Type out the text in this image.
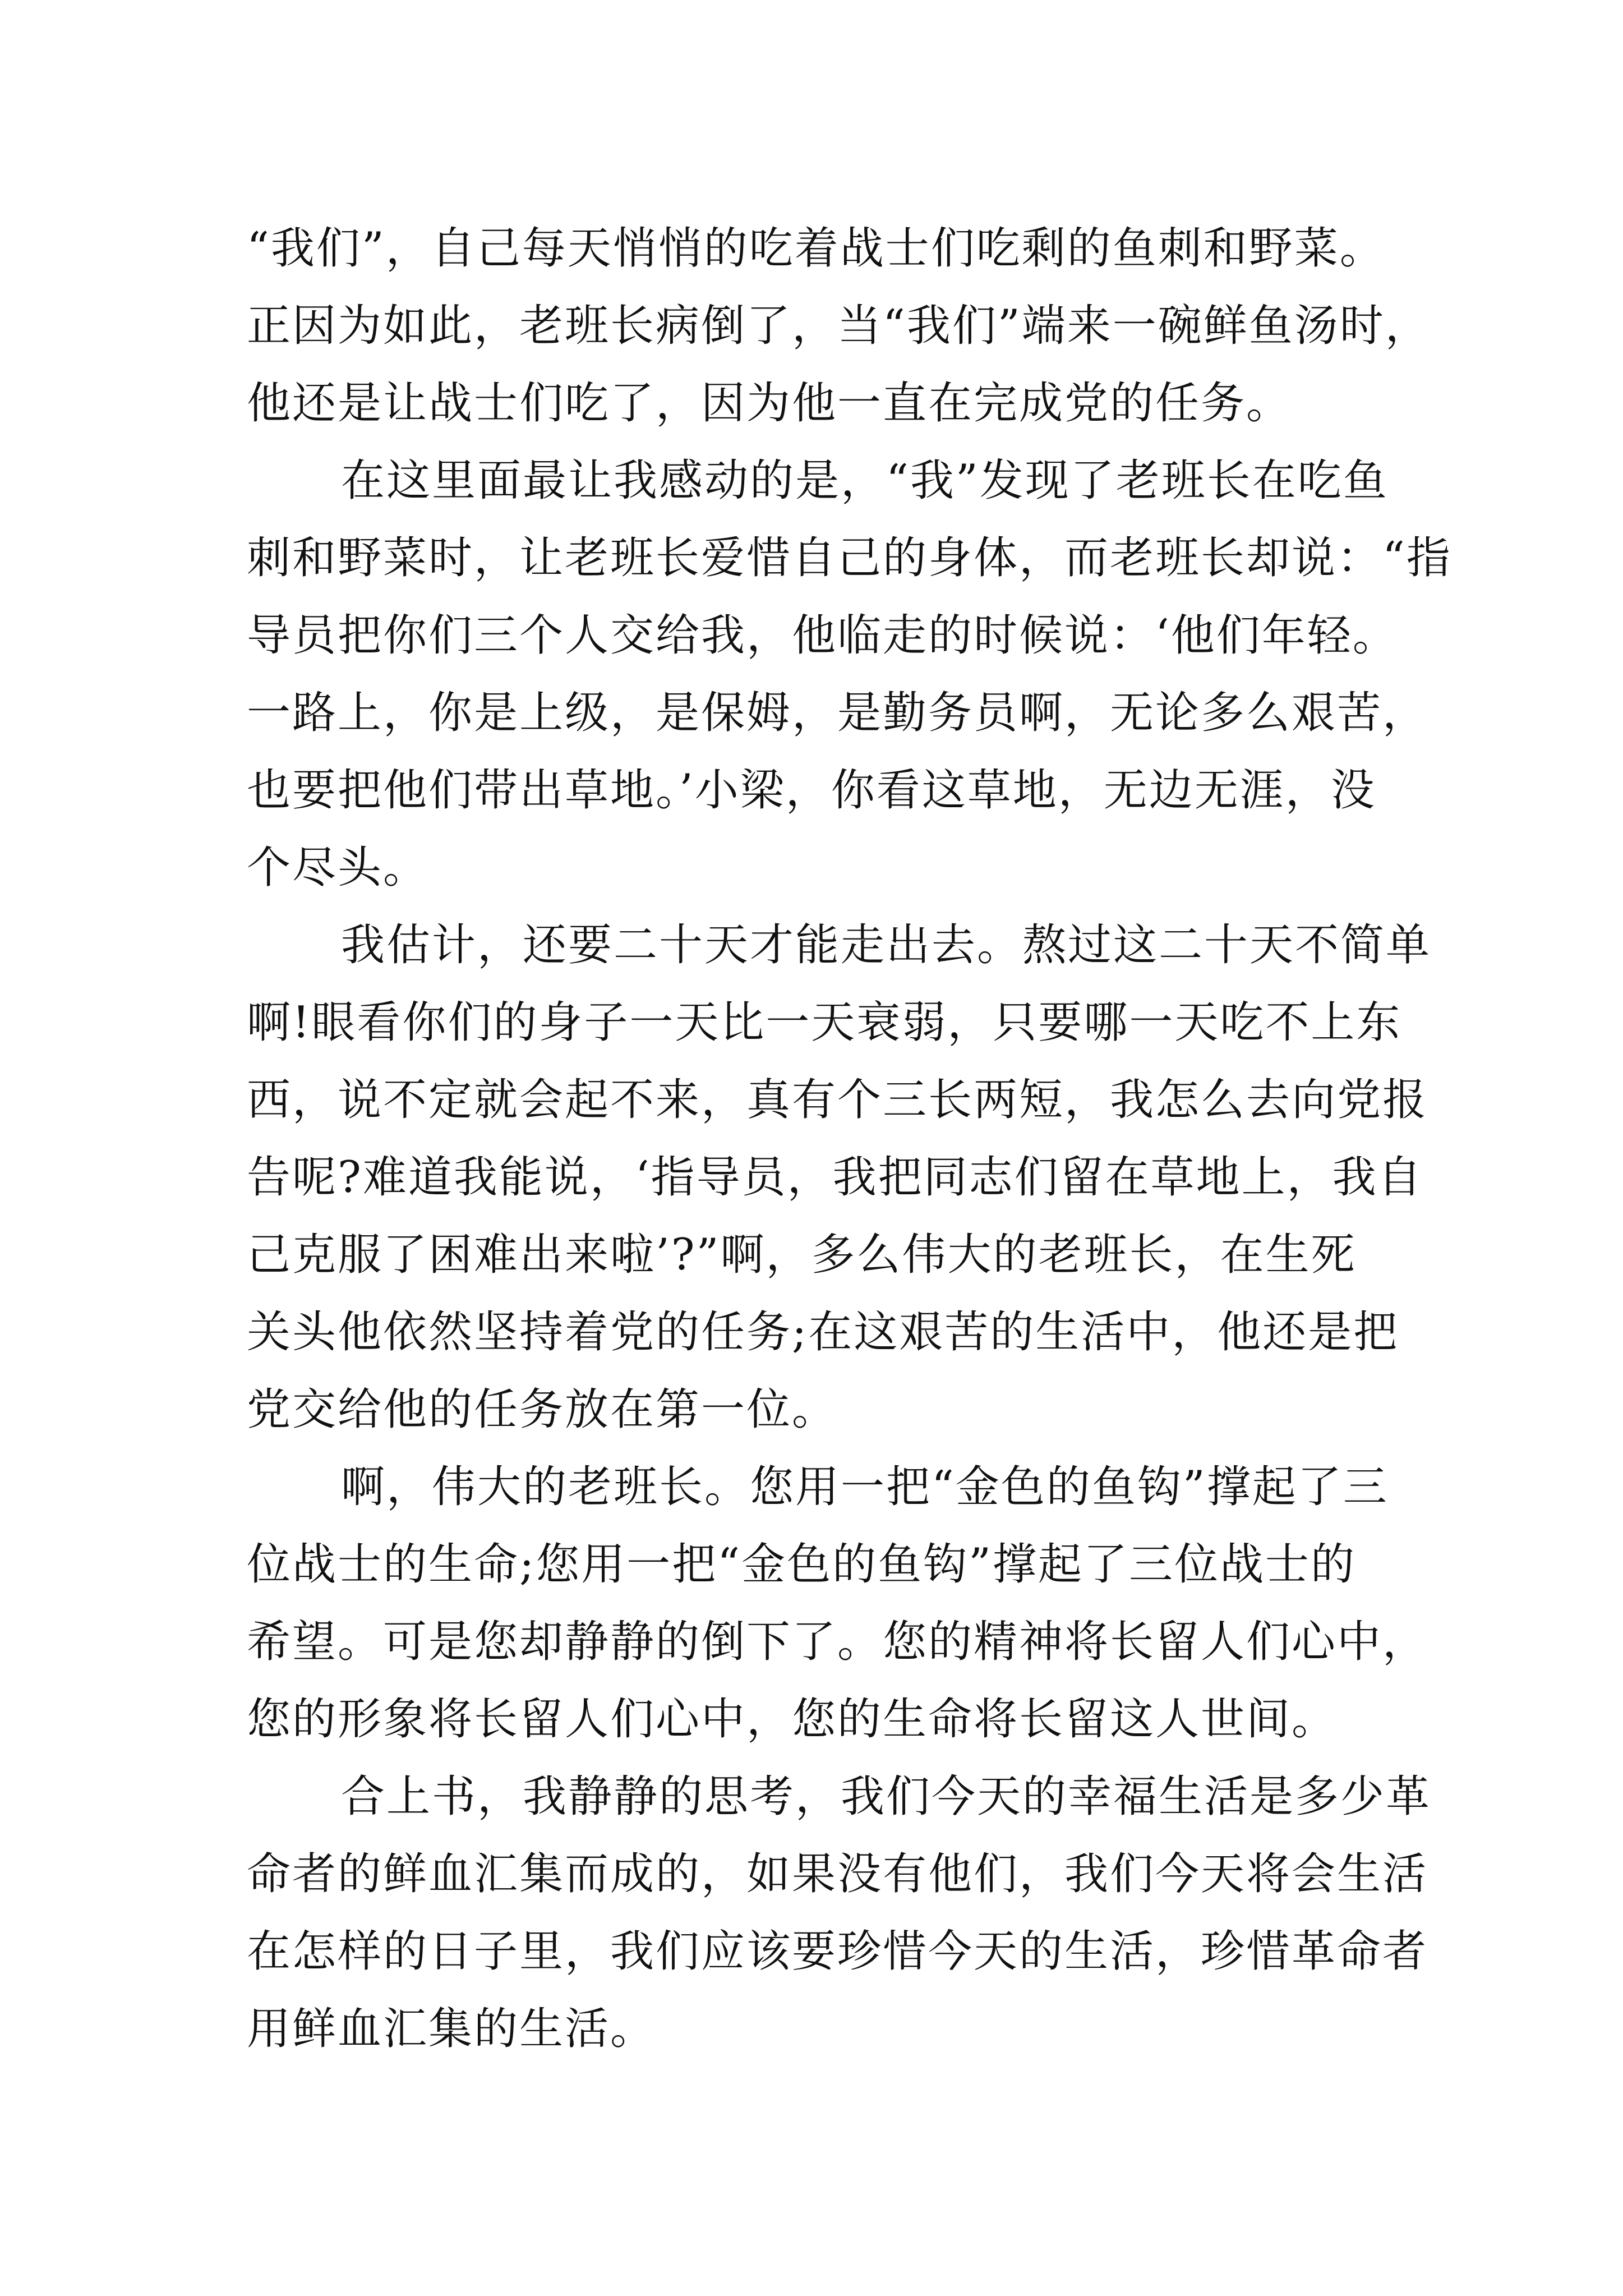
“我们”，自己每天悄悄的吃着战士们吃剩的鱼刺和野菜。
正因为如此，老班长病倒了，当“我们”端来一碗鲜鱼汤时，
他还是让战士们吃了，因为他一直在完成党的任务。

在这里面最让我感动的是，“我”发现了老班长在吃鱼
刺和野菜时，让老班长爱惜自己的身体，而老班长却说：“指
导员把你们三个人交给我，他临走的时候说：‘他们年轻。
一路上，你是上级，是保姆，是勤务员啊，无论多么艰苦，
也要把他们带出草地。’小梁，你看这草地，无边无涯，没
个尽头。

我估计，还要二十天才能走出去。熬过这二十天不简单
啊!眼看你们的身子一天比一天衰弱，只要哪一天吃不上东
西，说不定就会起不来，真有个三长两短，我怎么去向党报
告呢?难道我能说，‘指导员，我把同志们留在草地上，我自
己克服了困难出来啦’?”啊，多么伟大的老班长，在生死
关头他依然坚持着党的任务;在这艰苦的生活中，他还是把
党交给他的任务放在第一位。

啊，伟大的老班长。您用一把“金色的鱼钩”撑起了三
位战士的生命;您用一把“金色的鱼钩”撑起了三位战士的
希望。可是您却静静的倒下了。您的精神将长留人们心中，
您的形象将长留人们心中，您的生命将长留这人世间。

合上书，我静静的思考，我们今天的幸福生活是多少革
命者的鲜血汇集而成的，如果没有他们，我们今天将会生活
在怎样的日子里，我们应该要珍惜今天的生活，珍惜革命者
用鲜血汇集的生活。
